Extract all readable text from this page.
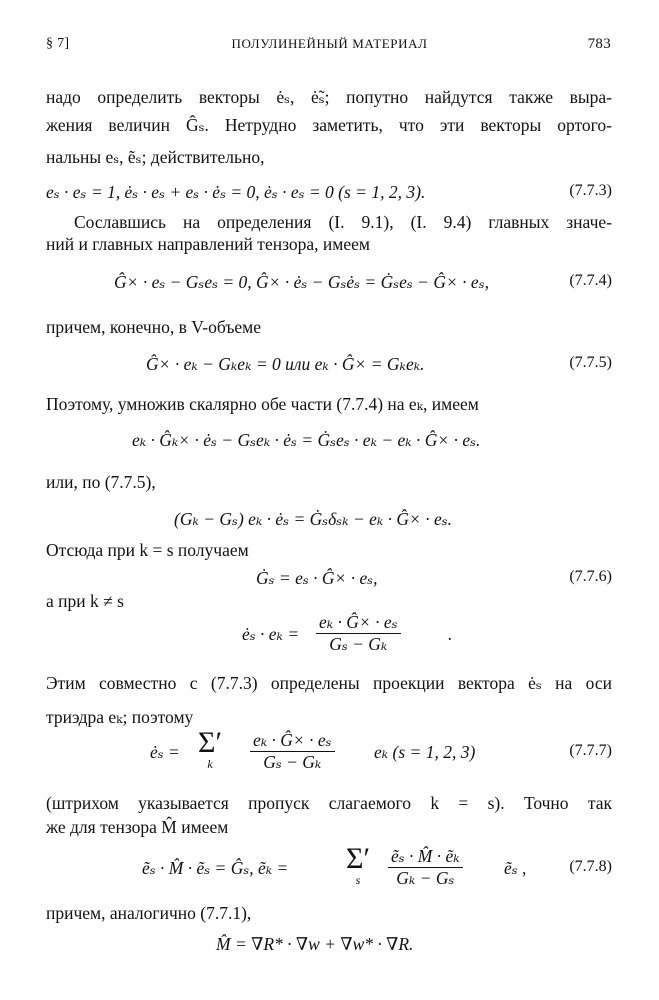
§ 7]	ПОЛУЛИНЕЙНЫЙ МАТЕРИАЛ	783
надо определить векторы ėₛ, ė̃ₛ; попутно найдутся также выра-
жения величин Ĝₛ. Нетрудно заметить, что эти векторы ортого-
нальны eₛ, ẽₛ; действительно,
eₛ · eₛ = 1, ėₛ · eₛ + eₛ · ėₛ = 0, ėₛ · eₛ = 0 (s = 1, 2, 3).	(7.7.3)
Сославшись на определения (I. 9.1), (I. 9.4) главных значе-
ний и главных направлений тензора, имеем
Ĝ× · eₛ − Gₛeₛ = 0, Ĝ× · ėₛ − Gₛėₛ = Ġₛeₛ − Ĝ× · eₛ,	(7.7.4)
причем, конечно, в V-объеме
Ĝ× · eₖ − Gₖeₖ = 0 или eₖ · Ĝ× = Gₖeₖ.	(7.7.5)
Поэтому, умножив скалярно обе части (7.7.4) на eₖ, имеем
eₖ · Ĝₖ× · ėₛ − Gₛeₖ · ėₛ = Ġₛeₛ · eₖ − eₖ · Ĝ× · eₛ.
или, по (7.7.5),
(Gₖ − Gₛ) eₖ · ėₛ = Ġₛδₛₖ − eₖ · Ĝ× · eₛ.
Отсюда при k = s получаем
Ġₛ = eₛ · Ĝ× · eₛ,	(7.7.6)
а при k ≠ s
ėₛ · $e_k = \frac{\text{eₖ · Ĝ× · eₛ}}{\text{Gₛ − Gₖ}}$	.
Этим совместно с (7.7.3) определены проекции вектора ėₛ на оси
триэдра eₖ; поэтому
ėₛ = Σ′
k	$\frac{\text{eₖ · Ĝ× · eₛ}}{\text{Gₛ − Gₖ}}$ eₖ (s = 1, 2, 3)	(7.7.7)
(штрихом указывается пропуск слагаемого k = s). Точно так
же для тензора M̂ имеем
ẽₛ · M̂ · ẽₛ = Ĝₛ, ẽₖ = Σ′
s	$\frac{\text{ẽₛ · M̂ · ẽₖ}}{\text{Gₖ − Gₛ}}$ ẽₛ ,	(7.7.8)
причем, аналогично (7.7.1),
M̂ = ∇R* · ∇w + ∇w* · ∇R.
